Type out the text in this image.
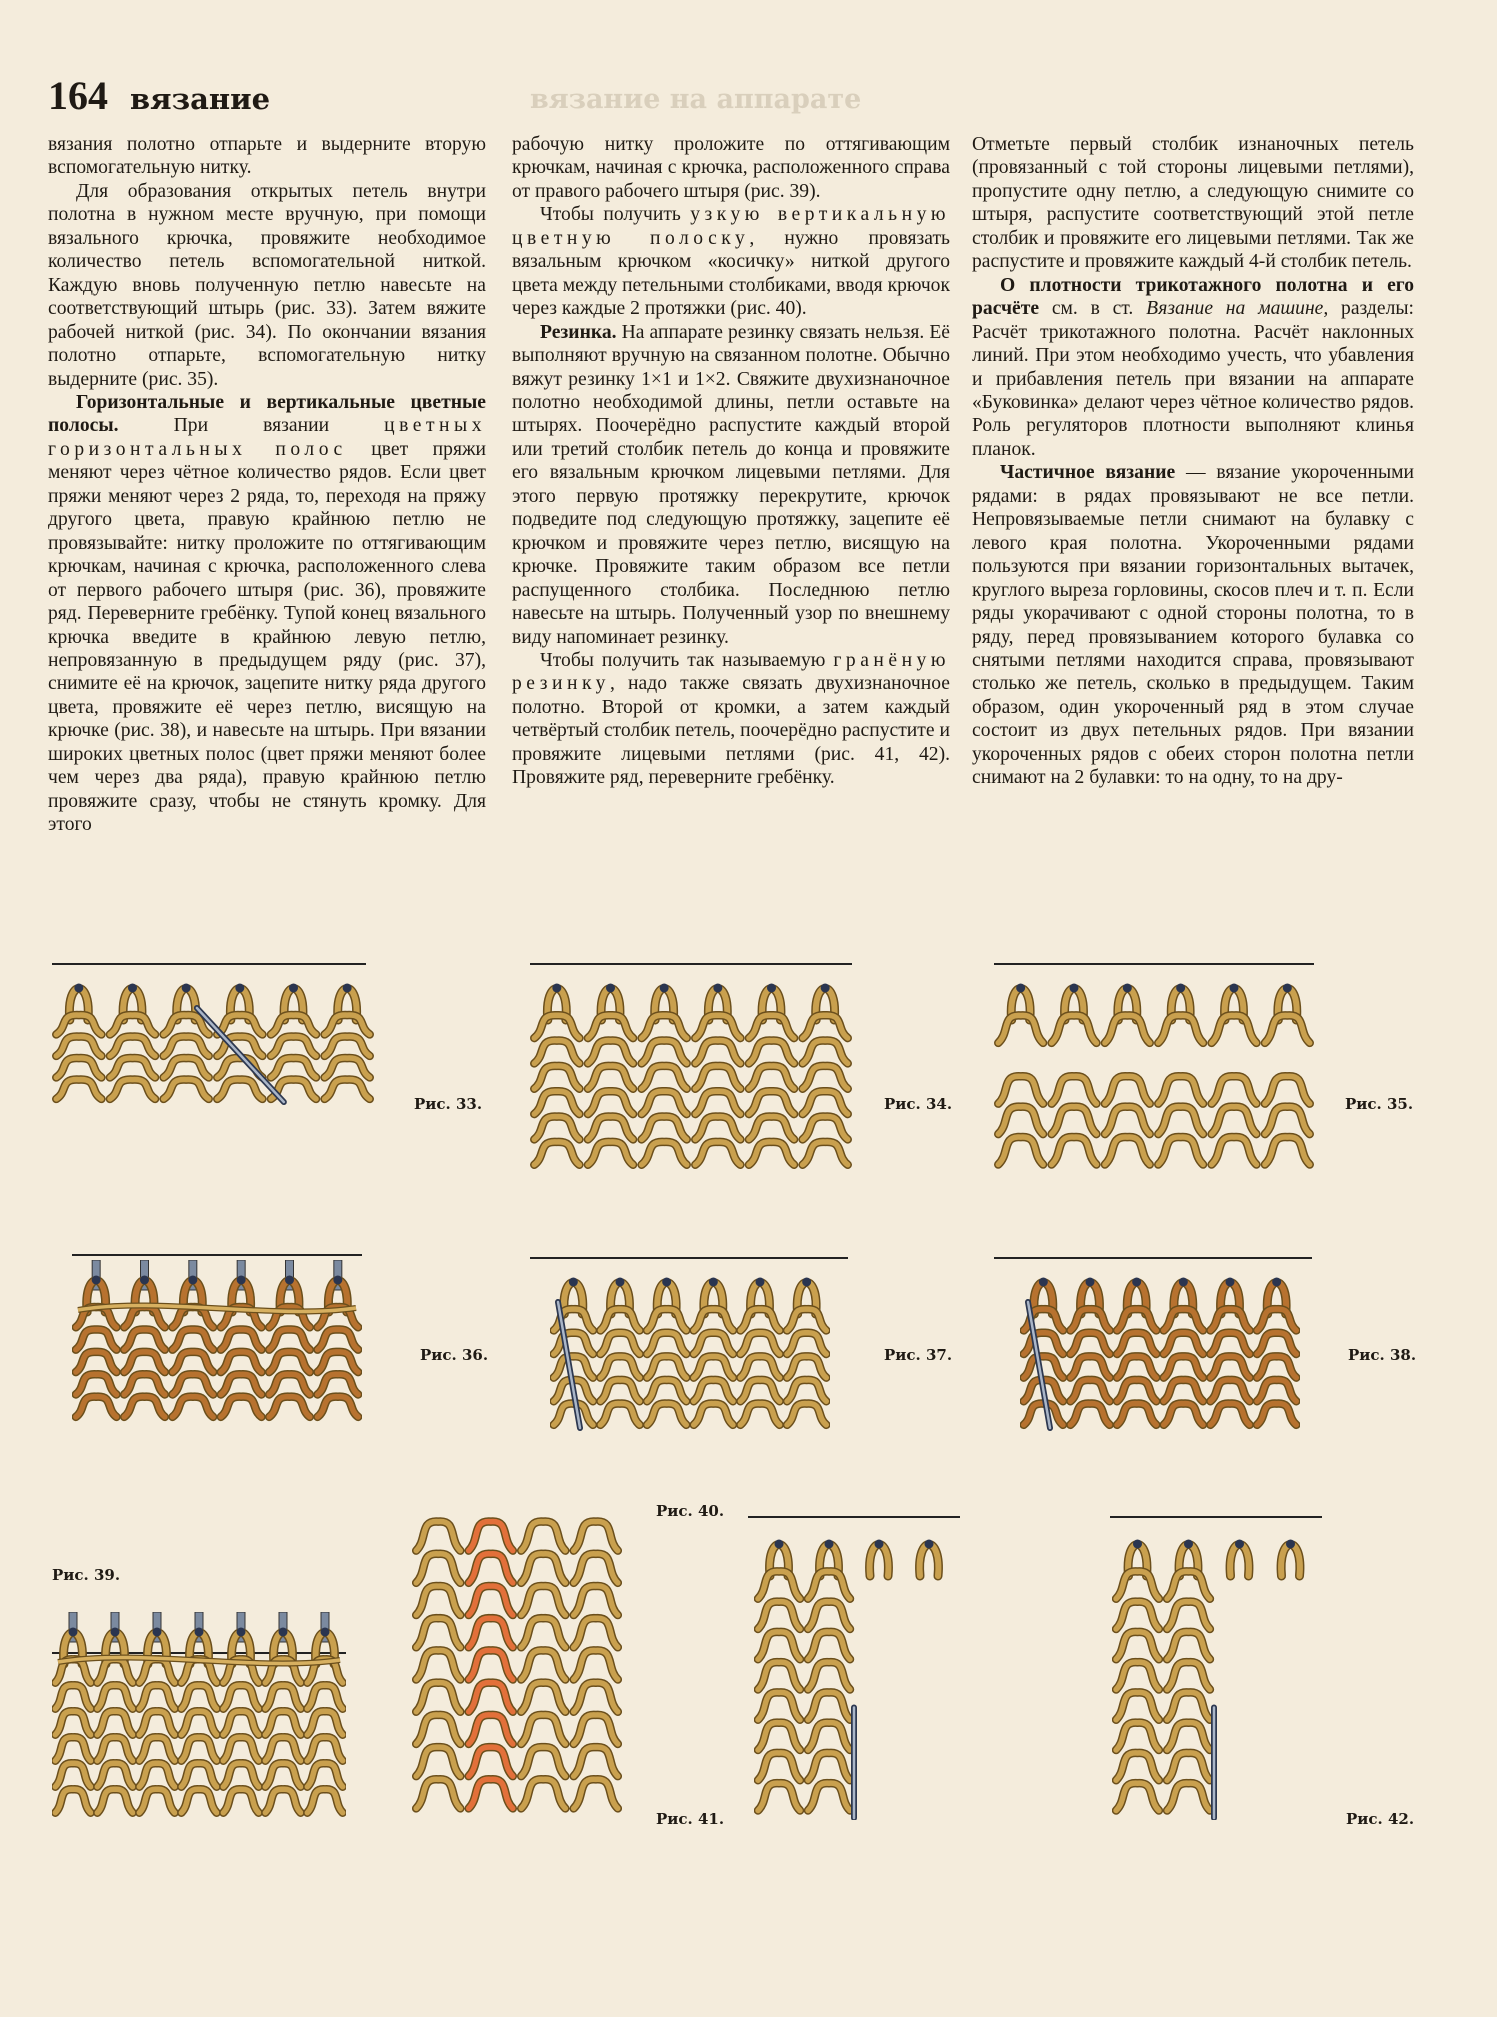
164 вязание	вязание на аппарате

вязания полотно отпарьте и выдерните вторую вспомогательную нитку.

Для образования открытых петель внутри полотна в нужном месте вручную, при помощи вязального крючка, провяжите необходимое количество петель вспомогательной ниткой. Каждую вновь полученную петлю навесьте на соответствующий штырь (рис. 33). Затем вяжите рабочей ниткой (рис. 34). По окончании вязания полотно отпарьте, вспомогательную нитку выдерните (рис. 35).

Горизонтальные и вертикальные цветные полосы. При вязании цветных горизонтальных полос цвет пряжи меняют через чётное количество рядов. Если цвет пряжи меняют через 2 ряда, то, переходя на пряжу другого цвета, правую крайнюю петлю не провязывайте: нитку проложите по оттягивающим крючкам, начиная с крючка, расположенного слева от первого рабочего штыря (рис. 36), провяжите ряд. Переверните гребёнку. Тупой конец вязального крючка введите в крайнюю левую петлю, непровязанную в предыдущем ряду (рис. 37), снимите её на крючок, зацепите нитку ряда другого цвета, провяжите её через петлю, висящую на крючке (рис. 38), и навесьте на штырь. При вязании широких цветных полос (цвет пряжи меняют более чем через два ряда), правую крайнюю петлю провяжите сразу, чтобы не стянуть кромку. Для этого

рабочую нитку проложите по оттягивающим крючкам, начиная с крючка, расположенного справа от правого рабочего штыря (рис. 39).

Чтобы получить узкую вертикальную цветную полоску, нужно провязать вязальным крючком «косичку» ниткой другого цвета между петельными столбиками, вводя крючок через каждые 2 протяжки (рис. 40).

Резинка. На аппарате резинку связать нельзя. Её выполняют вручную на связанном полотне. Обычно вяжут резинку 1×1 и 1×2. Свяжите двухизнаночное полотно необходимой длины, петли оставьте на штырях. Поочерёдно распустите каждый второй или третий столбик петель до конца и провяжите его вязальным крючком лицевыми петлями. Для этого первую протяжку перекрутите, крючок подведите под следующую протяжку, зацепите её крючком и провяжите через петлю, висящую на крючке. Провяжите таким образом все петли распущенного столбика. Последнюю петлю навесьте на штырь. Полученный узор по внешнему виду напоминает резинку.

Чтобы получить так называемую гранёную резинку, надо также связать двухизнаночное полотно. Второй от кромки, а затем каждый четвёртый столбик петель, поочерёдно распустите и провяжите лицевыми петлями (рис. 41, 42). Провяжите ряд, переверните гребёнку.

Отметьте первый столбик изнаночных петель (провязанный с той стороны лицевыми петлями), пропустите одну петлю, а следующую снимите со штыря, распустите соответствующий этой петле столбик и провяжите его лицевыми петлями. Так же распустите и провяжите каждый 4-й столбик петель.

О плотности трикотажного полотна и его расчёте см. в ст. Вязание на машине, разделы: Расчёт трикотажного полотна. Расчёт наклонных линий. При этом необходимо учесть, что убавления и прибавления петель при вязании на аппарате «Буковинка» делают через чётное количество рядов. Роль регуляторов плотности выполняют клинья планок.

Частичное вязание — вязание укороченными рядами: в рядах провязывают не все петли. Непровязываемые петли снимают на булавку с левого края полотна. Укороченными рядами пользуются при вязании горизонтальных вытачек, круглого выреза горловины, скосов плеч и т. п. Если ряды укорачивают с одной стороны полотна, то в ряду, перед провязыванием которого булавка со снятыми петлями находится справа, провязывают столько же петель, сколько в предыдущем. Таким образом, один укороченный ряд в этом случае состоит из двух петельных рядов. При вязании укороченных рядов с обеих сторон полотна петли снимают на 2 булавки: то на одну, то на дру-

Рис. 33.	Рис. 34.	Рис. 35.
Рис. 36.	Рис. 37.	Рис. 38.
Рис. 39.
Рис. 40.
Рис. 41.	Рис. 42.
